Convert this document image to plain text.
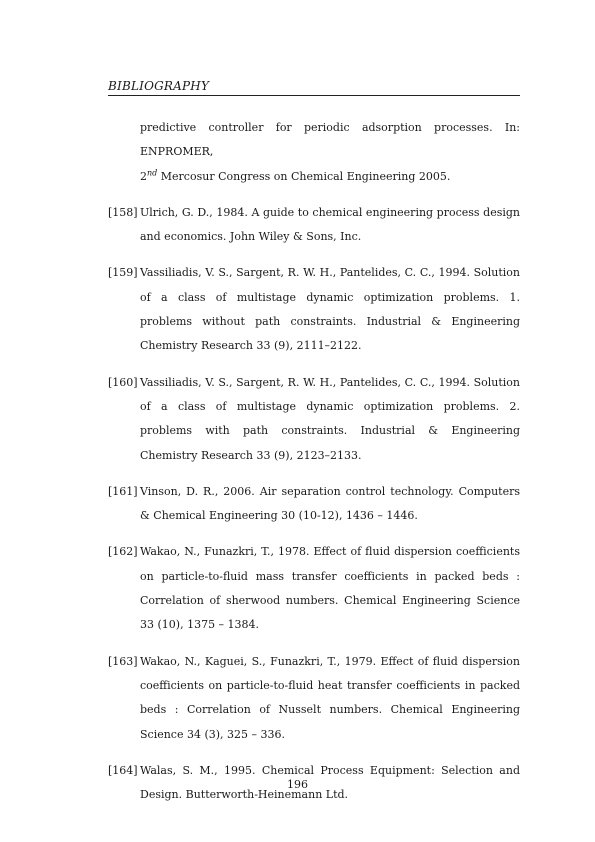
BIBLIOGRAPHY
predictive controller for periodic adsorption processes. In: ENPROMER,
2nd Mercosur Congress on Chemical Engineering 2005.
[158] Ulrich, G. D., 1984. A guide to chemical engineering process design and economics. John Wiley & Sons, Inc.
[159] Vassiliadis, V. S., Sargent, R. W. H., Pantelides, C. C., 1994. Solution of a class of multistage dynamic optimization problems. 1. problems without path constraints. Industrial & Engineering Chemistry Research 33 (9), 2111–2122.
[160] Vassiliadis, V. S., Sargent, R. W. H., Pantelides, C. C., 1994. Solution of a class of multistage dynamic optimization problems. 2. problems with path constraints. Industrial & Engineering Chemistry Research 33 (9), 2123–2133.
[161] Vinson, D. R., 2006. Air separation control technology. Computers & Chemical Engineering 30 (10-12), 1436 – 1446.
[162] Wakao, N., Funazkri, T., 1978. Effect of fluid dispersion coefficients on particle-to-fluid mass transfer coefficients in packed beds : Correlation of sherwood numbers. Chemical Engineering Science 33 (10), 1375 – 1384.
[163] Wakao, N., Kaguei, S., Funazkri, T., 1979. Effect of fluid dispersion coefficients on particle-to-fluid heat transfer coefficients in packed beds : Correlation of Nusselt numbers. Chemical Engineering Science 34 (3), 325 – 336.
[164] Walas, S. M., 1995. Chemical Process Equipment: Selection and Design. Butterworth-Heinemann Ltd.
196
